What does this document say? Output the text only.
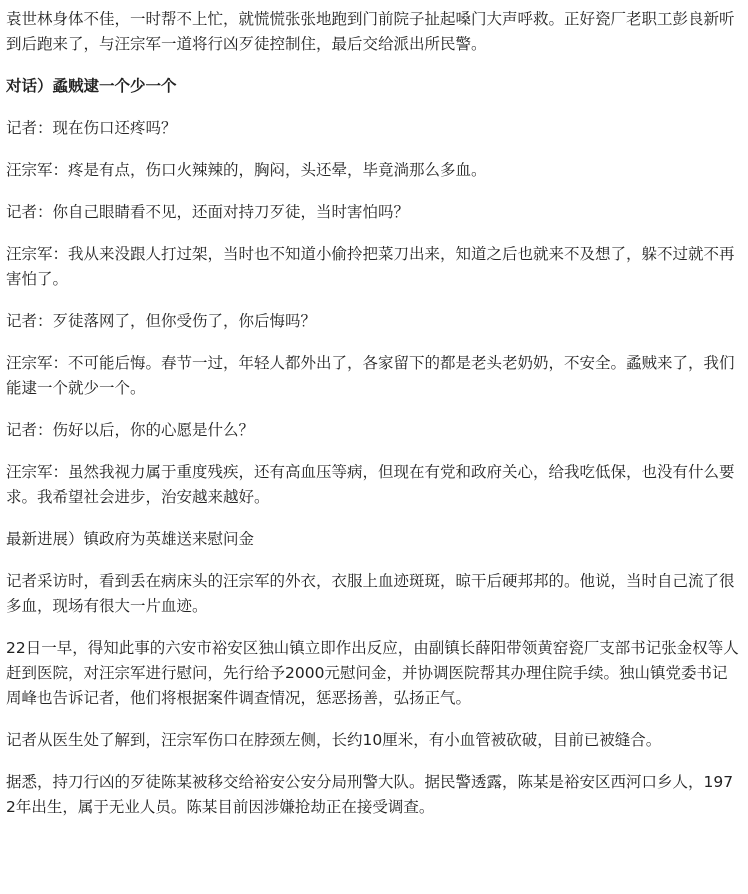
袁世林身体不佳，一时帮不上忙，就慌慌张张地跑到门前院子扯起嗓门大声呼救。正好瓷厂老职工彭良新听到后跑来了，与汪宗军一道将行凶歹徒控制住，最后交给派出所民警。

对话）蟊贼逮一个少一个

记者：现在伤口还疼吗？

汪宗军：疼是有点，伤口火辣辣的，胸闷，头还晕，毕竟淌那么多血。

记者：你自己眼睛看不见，还面对持刀歹徒，当时害怕吗？

汪宗军：我从来没跟人打过架，当时也不知道小偷拎把菜刀出来，知道之后也就来不及想了，躲不过就不再害怕了。

记者：歹徒落网了，但你受伤了，你后悔吗？

汪宗军：不可能后悔。春节一过，年轻人都外出了，各家留下的都是老头老奶奶，不安全。蟊贼来了，我们能逮一个就少一个。

记者：伤好以后，你的心愿是什么？

汪宗军：虽然我视力属于重度残疾，还有高血压等病，但现在有党和政府关心，给我吃低保，也没有什么要求。我希望社会进步，治安越来越好。

最新进展）镇政府为英雄送来慰问金

记者采访时，看到丢在病床头的汪宗军的外衣，衣服上血迹斑斑，晾干后硬邦邦的。他说，当时自己流了很多血，现场有很大一片血迹。

22日一早，得知此事的六安市裕安区独山镇立即作出反应，由副镇长薛阳带领黄窑瓷厂支部书记张金权等人赶到医院，对汪宗军进行慰问，先行给予2000元慰问金，并协调医院帮其办理住院手续。独山镇党委书记周峰也告诉记者，他们将根据案件调查情况，惩恶扬善，弘扬正气。

记者从医生处了解到，汪宗军伤口在脖颈左侧，长约10厘米，有小血管被砍破，目前已被缝合。

据悉，持刀行凶的歹徒陈某被移交给裕安公安分局刑警大队。据民警透露，陈某是裕安区西河口乡人，1972年出生，属于无业人员。陈某目前因涉嫌抢劫正在接受调查。
